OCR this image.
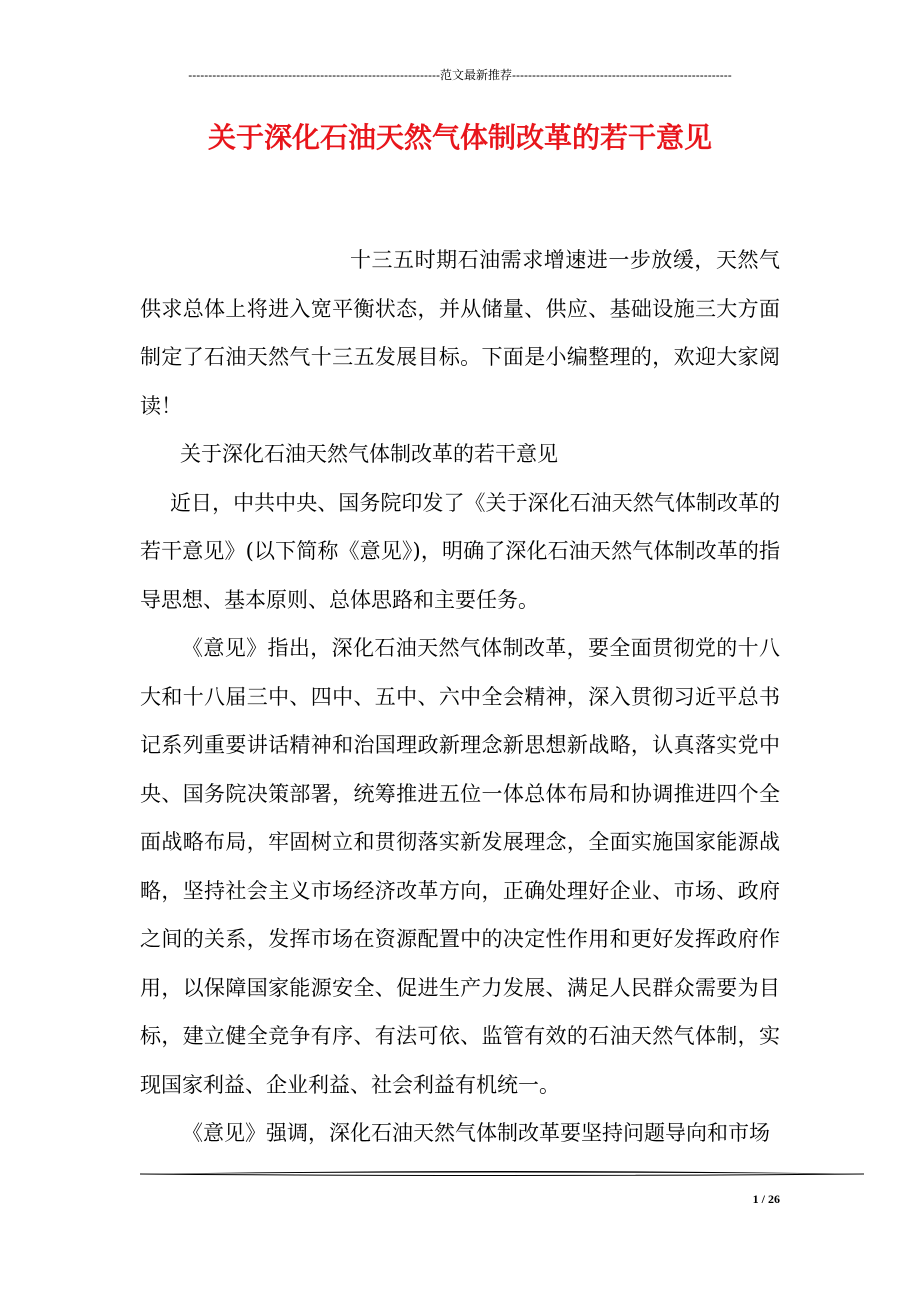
---------------------------------------------------------------范文最新推荐-------------------------------------------------------
关于深化石油天然气体制改革的若干意见

十三五时期石油需求增速进一步放缓，天然气供求总体上将进入宽平衡状态，并从储量、供应、基础设施三大方面制定了石油天然气十三五发展目标。下面是小编整理的，欢迎大家阅读！

关于深化石油天然气体制改革的若干意见

近日，中共中央、国务院印发了《关于深化石油天然气体制改革的若干意见》(以下简称《意见》)，明确了深化石油天然气体制改革的指导思想、基本原则、总体思路和主要任务。

《意见》指出，深化石油天然气体制改革，要全面贯彻党的十八大和十八届三中、四中、五中、六中全会精神，深入贯彻习近平总书记系列重要讲话精神和治国理政新理念新思想新战略，认真落实党中央、国务院决策部署，统筹推进五位一体总体布局和协调推进四个全面战略布局，牢固树立和贯彻落实新发展理念，全面实施国家能源战略，坚持社会主义市场经济改革方向，正确处理好企业、市场、政府之间的关系，发挥市场在资源配置中的决定性作用和更好发挥政府作用，以保障国家能源安全、促进生产力发展、满足人民群众需要为目标，建立健全竞争有序、有法可依、监管有效的石油天然气体制，实现国家利益、企业利益、社会利益有机统一。

《意见》强调，深化石油天然气体制改革要坚持问题导向和市场

1 / 26
